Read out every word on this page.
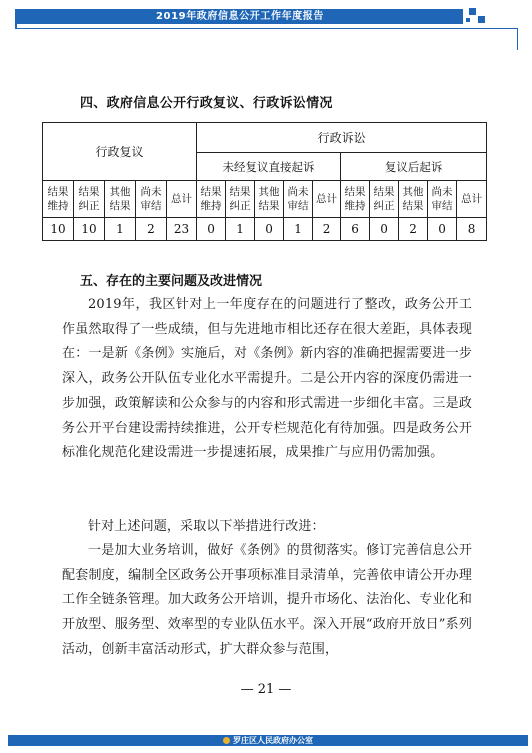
2019年政府信息公开工作年度报告
四、政府信息公开行政复议、行政诉讼情况
行政复议					行政诉讼									
					未经复议直接起诉					复议后起诉				
结果维持	结果纠正	其他结果	尚未审结	总计	结果维持	结果纠正	其他结果	尚未审结	总计	结果维持	结果纠正	其他结果	尚未审结	总计

10	10	1	2	23	0	1	0	1	2	6	0	2	0	8
五、存在的主要问题及改进情况

2019年，我区针对上一年度存在的问题进行了整改，政务公开工作虽然取得了一些成绩，但与先进地市相比还存在很大差距，具体表现在：一是新《条例》实施后，对《条例》新内容的准确把握需要进一步深入，政务公开队伍专业化水平需提升。二是公开内容的深度仍需进一步加强，政策解读和公众参与的内容和形式需进一步细化丰富。三是政务公开平台建设需持续推进，公开专栏规范化有待加强。四是政务公开标准化规范化建设需进一步提速拓展，成果推广与应用仍需加强。

针对上述问题，采取以下举措进行改进：

一是加大业务培训，做好《条例》的贯彻落实。修订完善信息公开配套制度，编制全区政务公开事项标准目录清单，完善依申请公开办理工作全链条管理。加大政务公开培训，提升市场化、法治化、专业化和开放型、服务型、效率型的专业队伍水平。深入开展“政府开放日”系列活动，创新丰富活动形式，扩大群众参与范围，

— 21 —
罗庄区人民政府办公室
